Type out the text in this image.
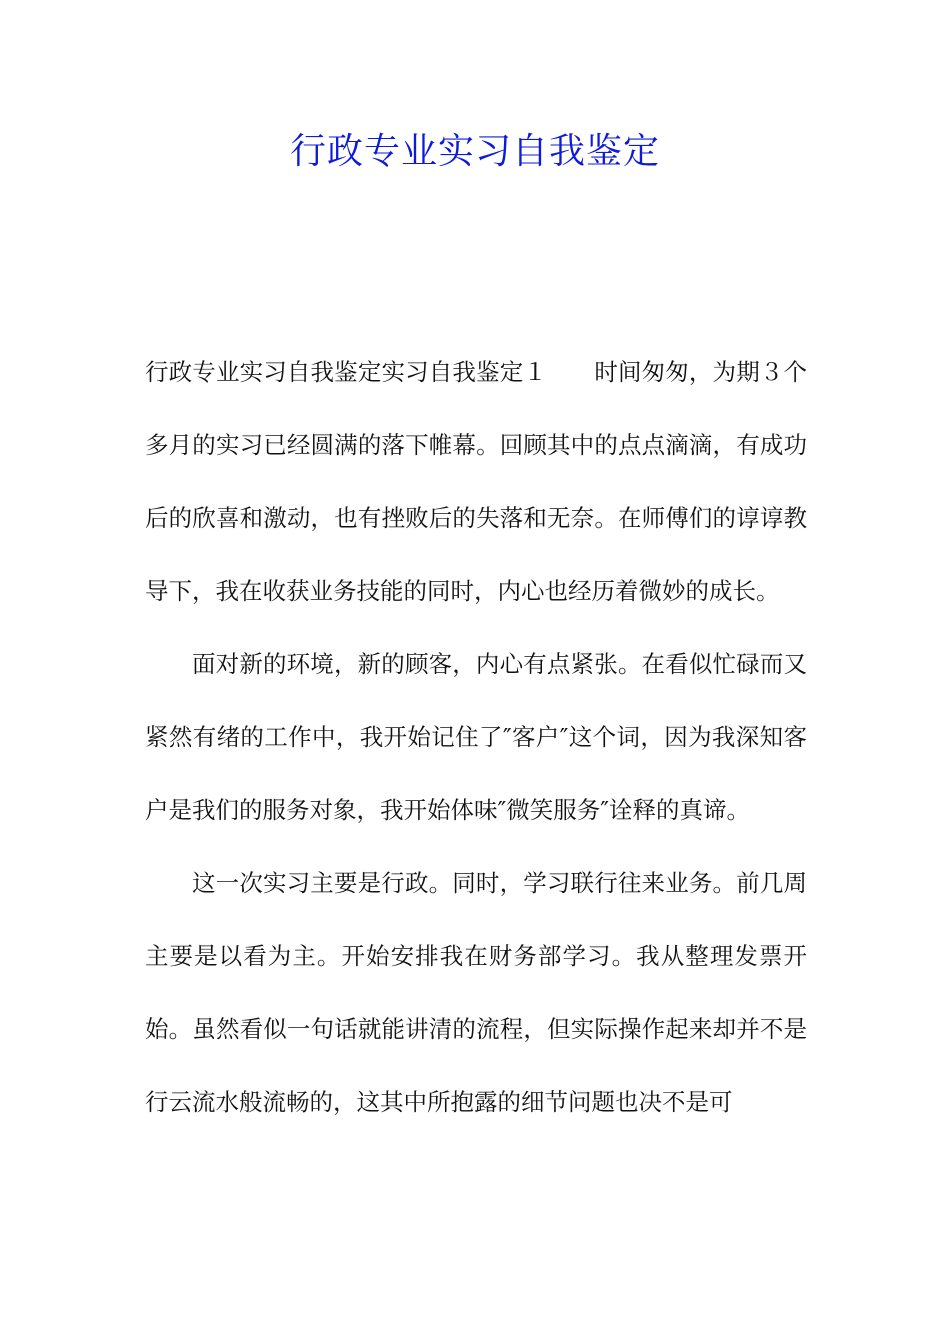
行政专业实习自我鉴定

行政专业实习自我鉴定实习自我鉴定１　　时间匆匆，为期３个多月的实习已经圆满的落下帷幕。回顾其中的点点滴滴，有成功后的欣喜和激动，也有挫败后的失落和无奈。在师傅们的谆谆教导下，我在收获业务技能的同时，内心也经历着微妙的成长。

面对新的环境，新的顾客，内心有点紧张。在看似忙碌而又紧然有绪的工作中，我开始记住了″客户″这个词，因为我深知客户是我们的服务对象，我开始体味″微笑服务″诠释的真谛。

这一次实习主要是行政。同时，学习联行往来业务。前几周主要是以看为主。开始安排我在财务部学习。我从整理发票开始。虽然看似一句话就能讲清的流程，但实际操作起来却并不是行云流水般流畅的，这其中所抱露的细节问题也决不是可
